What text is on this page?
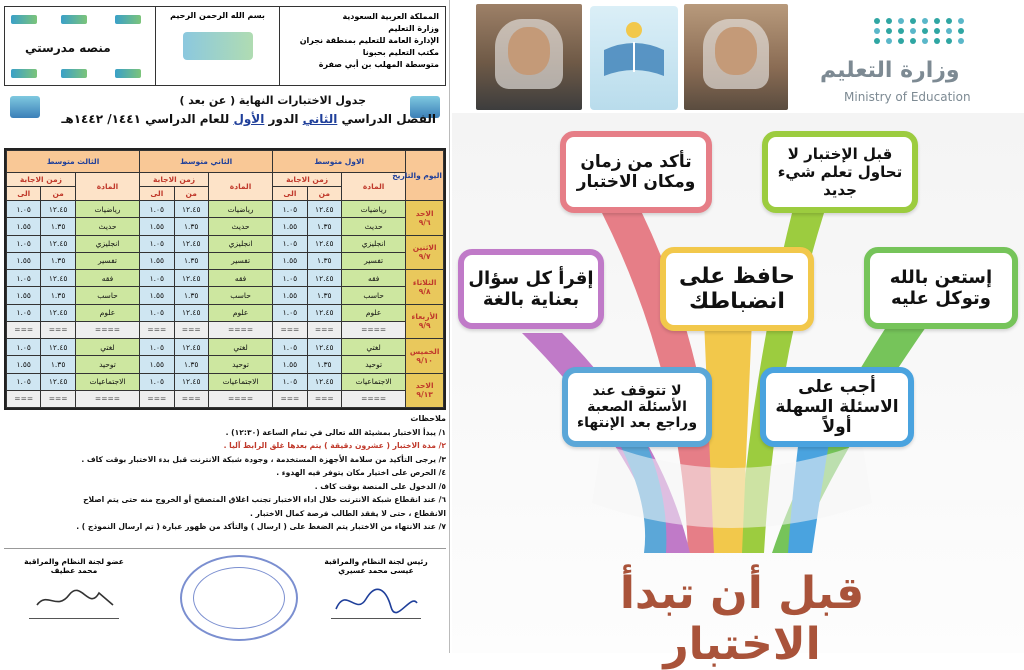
منصه مدرستي
بسم الله الرحمن الرحيم	المملكة العربية السعودية
وزارة التعليم
الإدارة العامة للتعليم بمنطقة نجران
مكتب التعليم بحبونا
متوسطة المهلب بن أبي صفرة
جدول الاختبارات النهاية ( عن بعد )
الفصل الدراسي الثاني الدور الأول للعام الدراسي ١٤٤١/ ١٤٤٢هـ
اليوم والتاريخ	الاول متوسط			الثاني متوسط			الثالث متوسط		
	المادة	زمن الاجابة		المادة	زمن الاجابة		المادة	زمن الاجابة	
		من	الى		من	الى		من	الى

الاحد
٩/٦	رياضيات	١٢.٤٥	١.٠٥	رياضيات	١٢.٤٥	١.٠٥	رياضيات	١٢.٤٥	١.٠٥
	حديث	١.٣٥	١.٥٥	حديث	١.٣٥	١.٥٥	حديث	١.٣٥	١.٥٥

الاثنين
٩/٧	انجليزي	١٢.٤٥	١.٠٥	انجليزي	١٢.٤٥	١.٠٥	انجليزي	١٢.٤٥	١.٠٥
	تفسير	١.٣٥	١.٥٥	تفسير	١.٣٥	١.٥٥	تفسير	١.٣٥	١.٥٥

الثلاثاء
٩/٨	فقه	١٢.٤٥	١.٠٥	فقه	١٢.٤٥	١.٠٥	فقه	١٢.٤٥	١.٠٥
	حاسب	١.٣٥	١.٥٥	حاسب	١.٣٥	١.٥٥	حاسب	١.٣٥	١.٥٥

الأربعاء
٩/٩	علوم	١٢.٤٥	١.٠٥	علوم	١٢.٤٥	١.٠٥	علوم	١٢.٤٥	١.٠٥
	====	===	===	====	===	===	====	===	===

الخميس
٩/١٠	لغتي	١٢.٤٥	١.٠٥	لغتي	١٢.٤٥	١.٠٥	لغتي	١٢.٤٥	١.٠٥
	توحيد	١.٣٥	١.٥٥	توحيد	١.٣٥	١.٥٥	توحيد	١.٣٥	١.٥٥

الاحد
٩/١٣	الاجتماعيات	١٢.٤٥	١.٠٥	الاجتماعيات	١٢.٤٥	١.٠٥	الاجتماعيات	١٢.٤٥	١.٠٥
	====	===	===	====	===	===	====	===	===
ملاحظات
١/ يبدأ الاختبار بمشيئة الله تعالى في تمام الساعة (١٢:٣٠) .
٢/ مدة الاختبار ( عشرون دقيقة ) يتم بعدها غلق الرابط آليا .
٣/ يرجى التأكيد من سلامة الأجهزة المستخدمة ، وجودة شبكة الانترنت قبل بدء الاختبار بوقت كاف .
٤/ الحرص على اختيار مكان يتوفر فيه الهدوء .
٥/ الدخول على المنصة بوقت كاف .
٦/ عند انقطاع شبكة الانترنت خلال اداء الاختبار تجنب اغلاق المتصفح أو الخروج منه حتى يتم اصلاح
الانقطاع ، حتى لا يفقد الطالب فرصة كمال الاختبار .
٧/ عند الانتهاء من الاختبار يتم الضغط على ( ارسال ) والتأكد من ظهور عبارة ( تم ارسال النموذج ) .
رئيس لجنة النظام والمراقبة
عيسى محمد عسيري
عضو لجنة النظام والمراقبة
محمد عطيف
وزارة التعليم
Ministry of Education
تأكد من زمان ومكان الاختبار
قبل الإختبار لا تحاول تعلم شيء جديد
إقرأ كل سؤال بعناية بالغة
حافظ على انضباطك
إستعن بالله وتوكل عليه
لا تتوقف عند الأسئلة الصعبة وراجع بعد الإنتهاء
أجب على الاسئلة السهلة أولاً
قبل أن تبدأ الاختبار
